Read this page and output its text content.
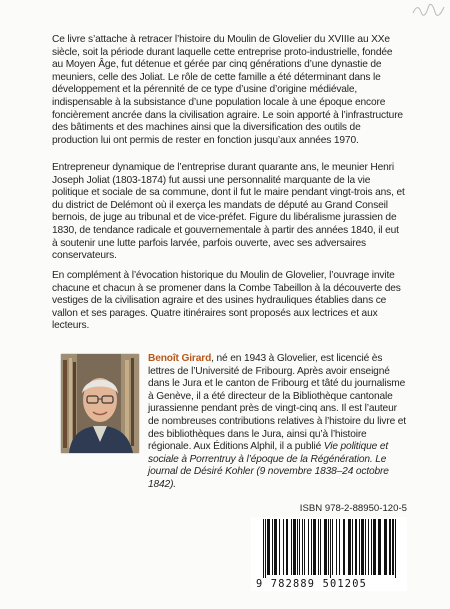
Ce livre s’attache à retracer l’histoire du Moulin de Glovelier du XVIIIe au XXe siècle, soit la période durant laquelle cette entreprise proto-industrielle, fondée au Moyen Âge, fut détenue et gérée par cinq générations d’une dynastie de meuniers, celle des Joliat. Le rôle de cette famille a été déterminant dans le développement et la pérennité de ce type d’usine d’origine médiévale, indispensable à la subsistance d’une population locale à une époque encore foncièrement ancrée dans la civilisation agraire. Le soin apporté à l’infrastructure des bâtiments et des machines ainsi que la diversification des outils de production lui ont permis de rester en fonction jusqu’aux années 1970.

Entrepreneur dynamique de l’entreprise durant quarante ans, le meunier Henri Joseph Joliat (1803-1874) fut aussi une personnalité marquante de la vie politique et sociale de sa commune, dont il fut le maire pendant vingt-trois ans, et du district de Delémont où il exerça les mandats de député au Grand Conseil bernois, de juge au tribunal et de vice-préfet. Figure du libéralisme jurassien de 1830, de tendance radicale et gouvernementale à partir des années 1840, il eut à soutenir une lutte parfois larvée, parfois ouverte, avec ses adversaires conservateurs.

En complément à l’évocation historique du Moulin de Glovelier, l’ouvrage invite chacune et chacun à se promener dans la Combe Tabeillon à la découverte des vestiges de la civilisation agraire et des usines hydrauliques établies dans ce vallon et ses parages. Quatre itinéraires sont proposés aux lectrices et aux lecteurs.

Benoît Girard, né en 1943 à Glovelier, est licencié ès lettres de l’Université de Fribourg. Après avoir enseigné dans le Jura et le canton de Fribourg et tâté du journalisme à Genève, il a été directeur de la Bibliothèque cantonale jurassienne pendant près de vingt-cinq ans. Il est l’auteur de nombreuses contributions relatives à l’histoire du livre et des bibliothèques dans le Jura, ainsi qu’à l’histoire régionale. Aux Éditions Alphil, il a publié Vie politique et sociale à Porrentruy à l’époque de la Régénération. Le journal de Désiré Kohler (9 novembre 1838–24 octobre 1842).
ISBN 978-2-88950-120-5
9 782889 501205
